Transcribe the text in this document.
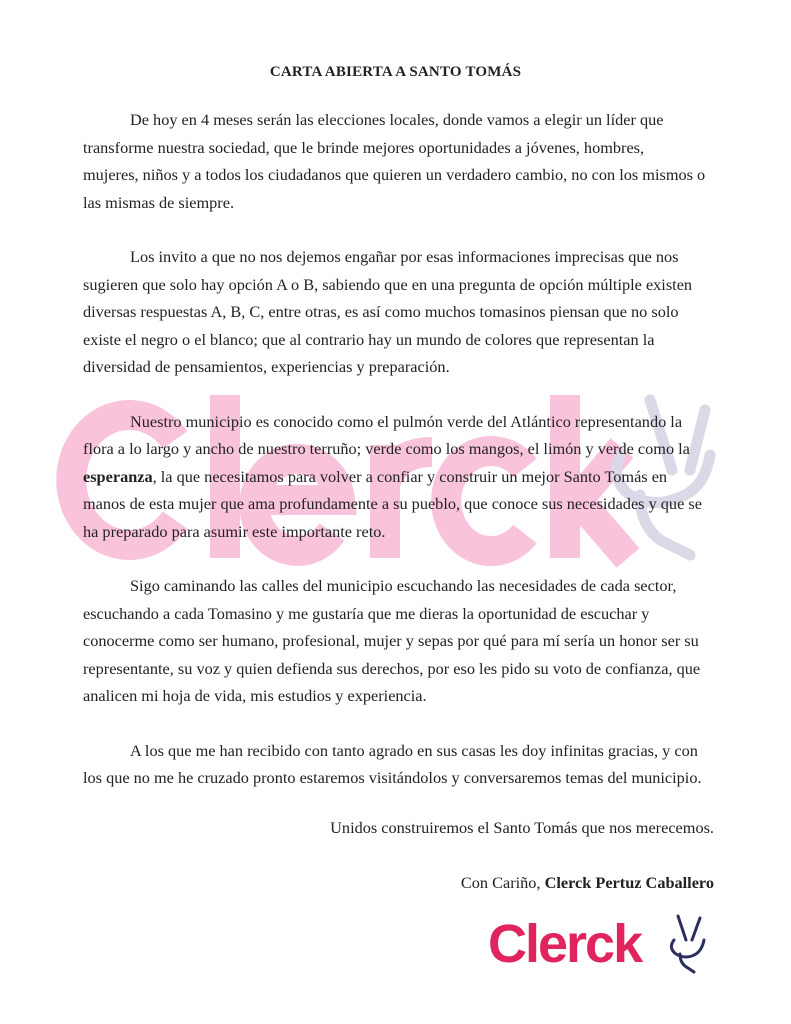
CARTA ABIERTA A SANTO TOMÁS
De hoy en 4 meses serán las elecciones locales, donde vamos a elegir un líder que
transforme nuestra sociedad, que le brinde mejores oportunidades a jóvenes, hombres,
mujeres, niños y a todos los ciudadanos que quieren un verdadero cambio, no con los mismos o
las mismas de siempre.
Los invito a que no nos dejemos engañar por esas informaciones imprecisas que nos
sugieren que solo hay opción A o B, sabiendo que en una pregunta de opción múltiple existen
diversas respuestas A, B, C, entre otras, es así como muchos tomasinos piensan que no solo
existe el negro o el blanco; que al contrario hay un mundo de colores que representan la
diversidad de pensamientos, experiencias y preparación.
Nuestro municipio es conocido como el pulmón verde del Atlántico representando la
flora a lo largo y ancho de nuestro terruño; verde como los mangos, el limón y verde como la
esperanza, la que necesitamos para volver a confiar y construir un mejor Santo Tomás en
manos de esta mujer que ama profundamente a su pueblo, que conoce sus necesidades y que se
ha preparado para asumir este importante reto.
Sigo caminando las calles del municipio escuchando las necesidades de cada sector,
escuchando a cada Tomasino y me gustaría que me dieras la oportunidad de escuchar y
conocerme como ser humano, profesional, mujer y sepas por qué para mí sería un honor ser su
representante, su voz y quien defienda sus derechos, por eso les pido su voto de confianza, que
analicen mi hoja de vida, mis estudios y experiencia.
A los que me han recibido con tanto agrado en sus casas les doy infinitas gracias, y con
los que no me he cruzado pronto estaremos visitándolos y conversaremos temas del municipio.
Unidos construiremos el Santo Tomás que nos merecemos.
Con Cariño, Clerck Pertuz Caballero
Clerck
